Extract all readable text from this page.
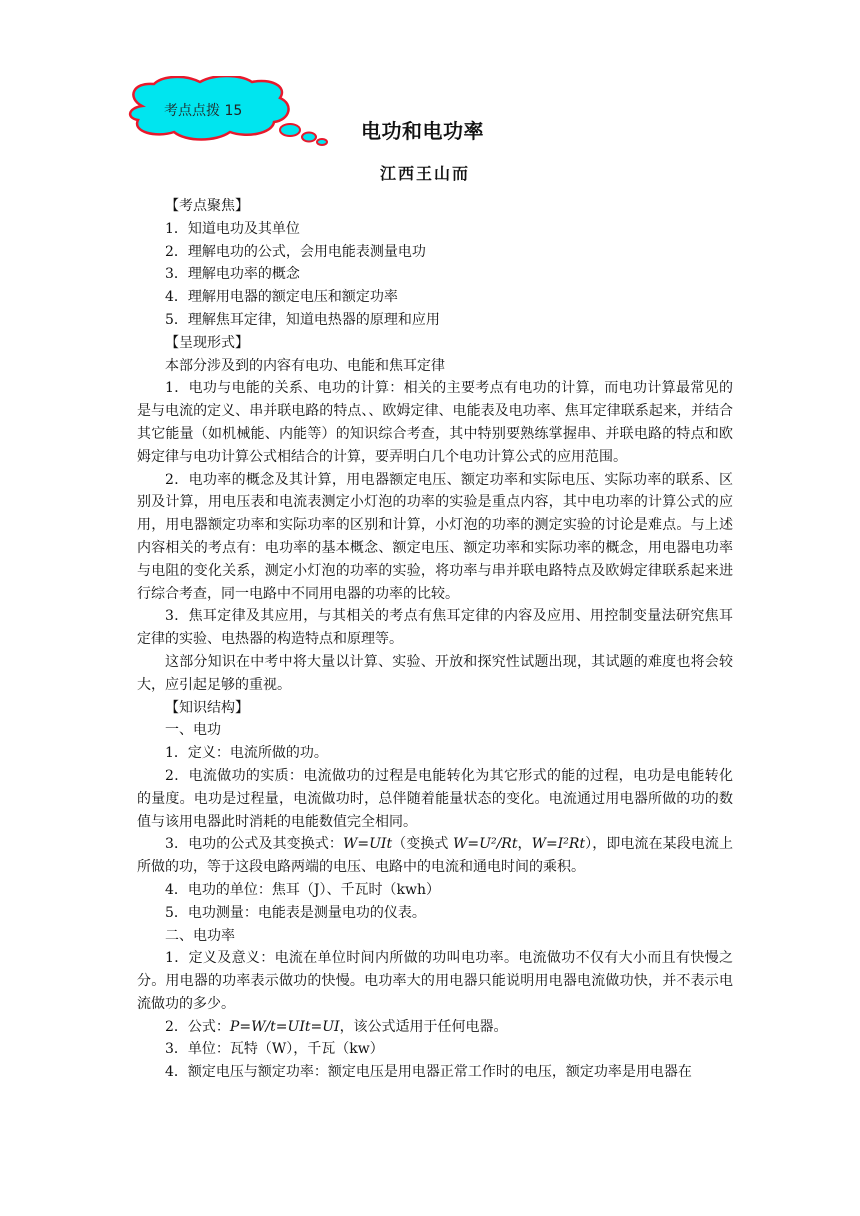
考点点拨 15
电功和电功率
江西王山而

【考点聚焦】

1．知道电功及其单位

2．理解电功的公式，会用电能表测量电功

3．理解电功率的概念

4．理解用电器的额定电压和额定功率

5．理解焦耳定律，知道电热器的原理和应用

【呈现形式】

本部分涉及到的内容有电功、电能和焦耳定律

1．电功与电能的关系、电功的计算：相关的主要考点有电功的计算，而电功计算最常见的是与电流的定义、串并联电路的特点、、欧姆定律、电能表及电功率、焦耳定律联系起来，并结合其它能量（如机械能、内能等）的知识综合考查，其中特别要熟练掌握串、并联电路的特点和欧姆定律与电功计算公式相结合的计算，要弄明白几个电功计算公式的应用范围。

2．电功率的概念及其计算，用电器额定电压、额定功率和实际电压、实际功率的联系、区别及计算，用电压表和电流表测定小灯泡的功率的实验是重点内容，其中电功率的计算公式的应用，用电器额定功率和实际功率的区别和计算，小灯泡的功率的测定实验的讨论是难点。与上述内容相关的考点有：电功率的基本概念、额定电压、额定功率和实际功率的概念，用电器电功率与电阻的变化关系，测定小灯泡的功率的实验，将功率与串并联电路特点及欧姆定律联系起来进行综合考查，同一电路中不同用电器的功率的比较。

3．焦耳定律及其应用，与其相关的考点有焦耳定律的内容及应用、用控制变量法研究焦耳定律的实验、电热器的构造特点和原理等。

这部分知识在中考中将大量以计算、实验、开放和探究性试题出现，其试题的难度也将会较大，应引起足够的重视。

【知识结构】

一、电功

1．定义：电流所做的功。

2．电流做功的实质：电流做功的过程是电能转化为其它形式的能的过程，电功是电能转化的量度。电功是过程量，电流做功时，总伴随着能量状态的变化。电流通过用电器所做的功的数值与该用电器此时消耗的电能数值完全相同。

3．电功的公式及其变换式：W=UIt（变换式 W=U²/Rt，W=I²Rt），即电流在某段电流上所做的功，等于这段电路两端的电压、电路中的电流和通电时间的乘积。

4．电功的单位：焦耳（J）、千瓦时（kwh）

5．电功测量：电能表是测量电功的仪表。

二、电功率

1．定义及意义：电流在单位时间内所做的功叫电功率。电流做功不仅有大小而且有快慢之分。用电器的功率表示做功的快慢。电功率大的用电器只能说明用电器电流做功快，并不表示电流做功的多少。

2．公式：P=W/t=UIt=UI，该公式适用于任何电器。

3．单位：瓦特（W），千瓦（kw）

4．额定电压与额定功率：额定电压是用电器正常工作时的电压，额定功率是用电器在
